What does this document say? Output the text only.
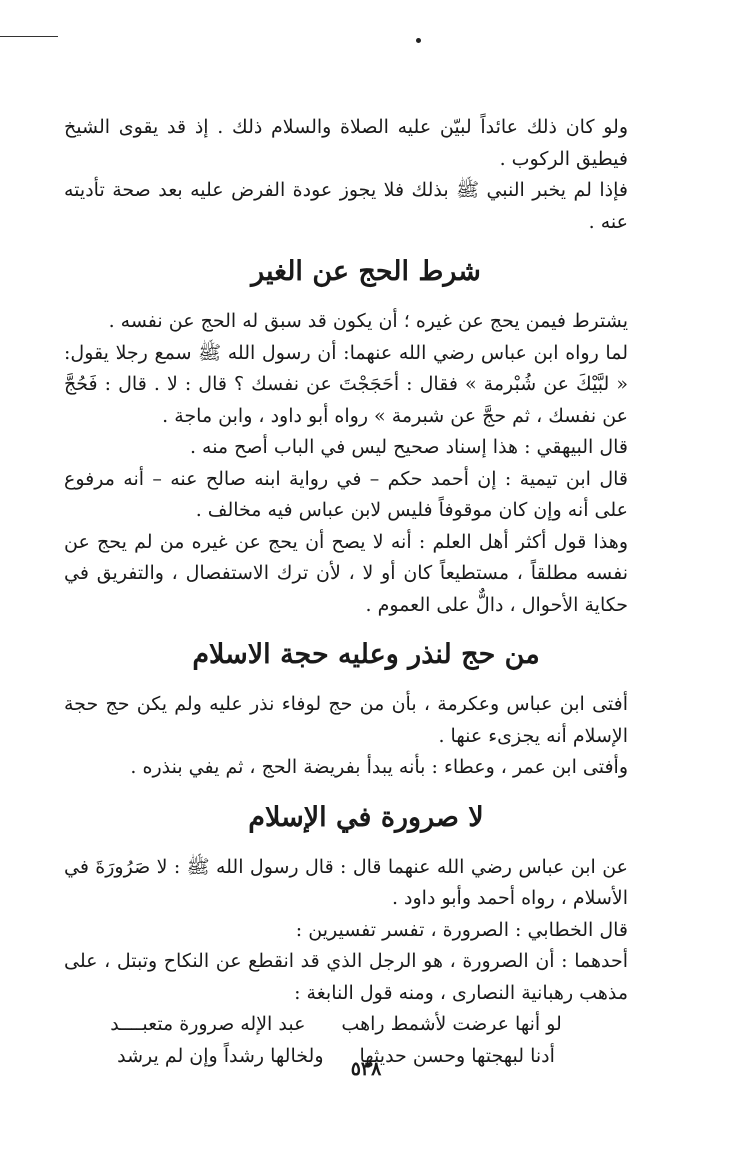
ولو كان ذلك عائداً لبيّن عليه الصلاة والسلام ذلك . إذ قد يقوى الشيخ فيطيق الركوب .

فإذا لم يخبر النبي ﷺ بذلك فلا يجوز عودة الفرض عليه بعد صحة تأديته عنه .

شرط الحج عن الغير

يشترط فيمن يحج عن غيره ؛ أن يكون قد سبق له الحج عن نفسه .

لما رواه ابن عباس رضي الله عنهما: أن رسول الله ﷺ سمع رجلا يقول: « لبَّيْكَ عن شُبْرمة » فقال : أحَجَجْتَ عن نفسك ؟ قال : لا . قال : فَحُجَّ عن نفسك ، ثم حجَّ عن شبرمة » رواه أبو داود ، وابن ماجة .

قال البيهقي : هذا إسناد صحيح ليس في الباب أصح منه .

قال ابن تيمية : إن أحمد حكم – في رواية ابنه صالح عنه – أنه مرفوع على أنه وإن كان موقوفاً فليس لابن عباس فيه مخالف .

وهذا قول أكثر أهل العلم : أنه لا يصح أن يحج عن غيره من لم يحج عن نفسه مطلقاً ، مستطيعاً كان أو لا ، لأن ترك الاستفصال ، والتفريق في حكاية الأحوال ، دالٌّ على العموم .

من حج لنذر وعليه حجة الاسلام

أفتى ابن عباس وعكرمة ، بأن من حج لوفاء نذر عليه ولم يكن حج حجة الإسلام أنه يجزىء عنها .

وأفتى ابن عمر ، وعطاء : بأنه يبدأ بفريضة الحج ، ثم يفي بنذره .

لا صرورة في الإسلام

عن ابن عباس رضي الله عنهما قال : قال رسول الله ﷺ : لا صَرُورَةَ في الأسلام ، رواه أحمد وأبو داود .

قال الخطابي : الصرورة ، تفسر تفسيرين :

أحدهما : أن الصرورة ، هو الرجل الذي قد انقطع عن النكاح وتبتل ، على مذهب رهبانية النصارى ، ومنه قول النابغة :

لو أنها عرضت لأشمط راهب
عبد الإله صرورة متعبــــد
أدنا لبهجتها وحسن حديثها
ولخالها رشداً وإن لم يرشد
٥٣٨
